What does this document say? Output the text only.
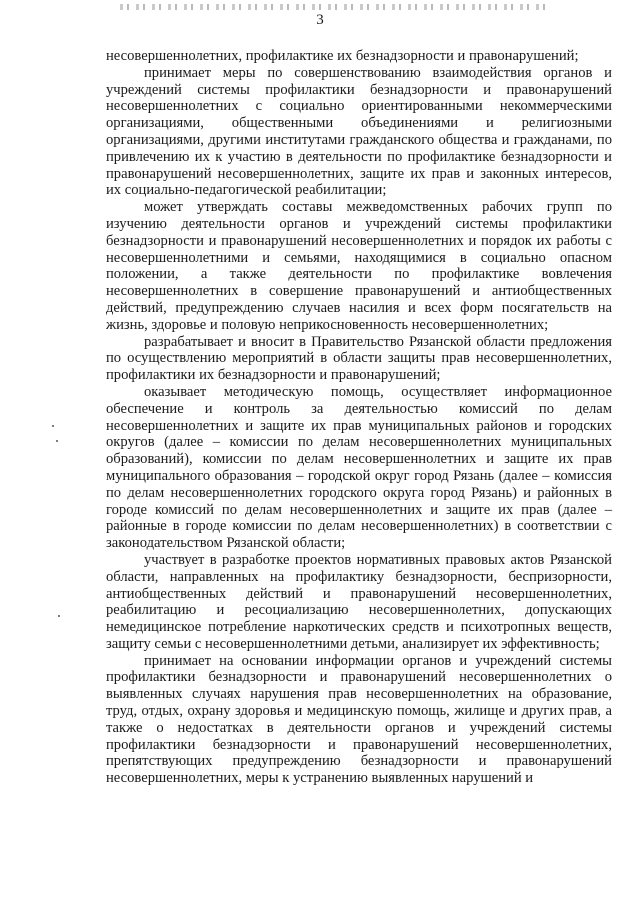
3

несовершеннолетних, профилактике их безнадзорности и правонарушений;

принимает меры по совершенствованию взаимодействия органов и учреждений системы профилактики безнадзорности и правонарушений несовершеннолетних с социально ориентированными некоммерческими организациями, общественными объединениями и религиозными организациями, другими институтами гражданского общества и гражданами, по привлечению их к участию в деятельности по профилактике безнадзорности и правонарушений несовершеннолетних, защите их прав и законных интересов, их социально-педагогической реабилитации;

может утверждать составы межведомственных рабочих групп по изучению деятельности органов и учреждений системы профилактики безнадзорности и правонарушений несовершеннолетних и порядок их работы с несовершеннолетними и семьями, находящимися в социально опасном положении, а также деятельности по профилактике вовлечения несовершеннолетних в совершение правонарушений и антиобщественных действий, предупреждению случаев насилия и всех форм посягательств на жизнь, здоровье и половую неприкосновенность несовершеннолетних;

разрабатывает и вносит в Правительство Рязанской области предложения по осуществлению мероприятий в области защиты прав несовершеннолетних, профилактики их безнадзорности и правонарушений;

оказывает методическую помощь, осуществляет информационное обеспечение и контроль за деятельностью комиссий по делам несовершеннолетних и защите их прав муниципальных районов и городских округов (далее – комиссии по делам несовершеннолетних муниципальных образований), комиссии по делам несовершеннолетних и защите их прав муниципального образования – городской округ город Рязань (далее – комиссия по делам несовершеннолетних городского округа город Рязань) и районных в городе комиссий по делам несовершеннолетних и защите их прав (далее – районные в городе комиссии по делам несовершеннолетних) в соответствии с законодательством Рязанской области;

участвует в разработке проектов нормативных правовых актов Рязанской области, направленных на профилактику безнадзорности, беспризорности, антиобщественных действий и правонарушений несовершеннолетних, реабилитацию и ресоциализацию несовершеннолетних, допускающих немедицинское потребление наркотических средств и психотропных веществ, защиту семьи с несовершеннолетними детьми, анализирует их эффективность;

принимает на основании информации органов и учреждений системы профилактики безнадзорности и правонарушений несовершеннолетних о выявленных случаях нарушения прав несовершеннолетних на образование, труд, отдых, охрану здоровья и медицинскую помощь, жилище и других прав, а также о недостатках в деятельности органов и учреждений системы профилактики безнадзорности и правонарушений несовершеннолетних, препятствующих предупреждению безнадзорности и правонарушений несовершеннолетних, меры к устранению выявленных нарушений и
